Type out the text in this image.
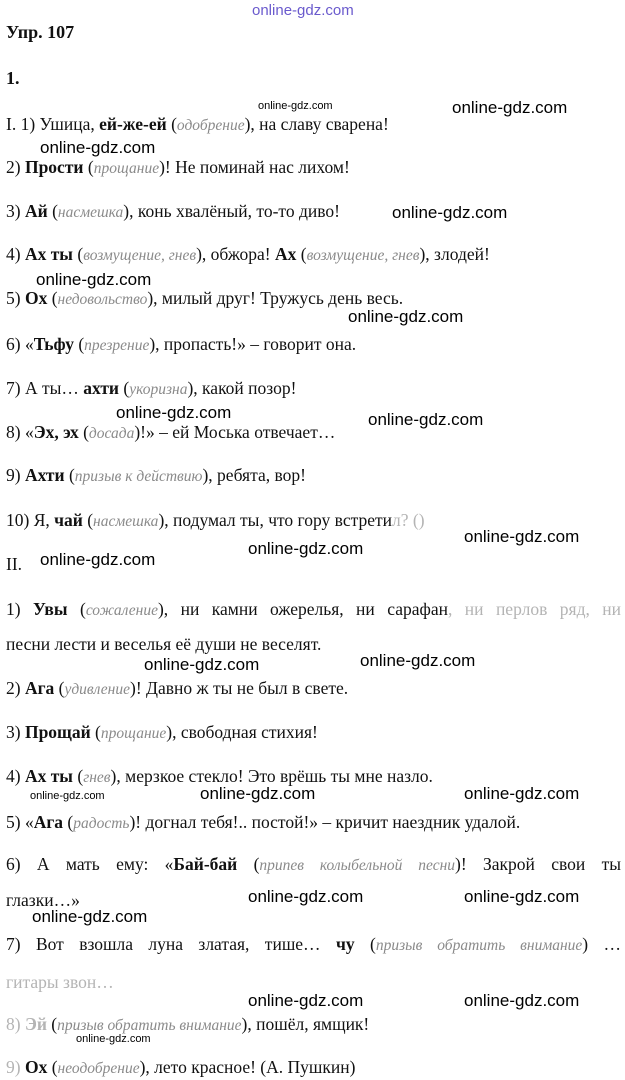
online-gdz.com
Упр. 107
1.
I. 1) Ушица, ей-же-ей (одобрение), на славу сварена!
2) Прости (прощание)! Не поминай нас лихом!
3) Ай (насмешка), конь хвалёный, то-то диво!
4) Ах ты (возмущение, гнев), обжора! Ах (возмущение, гнев), злодей!
5) Ох (недовольство), милый друг! Тружусь день весь.
6) «Тьфу (презрение), пропасть!» – говорит она.
7) А ты… ахти (укоризна), какой позор!
8) «Эх, эх (досада)!» – ей Моська отвечает…
9) Ахти (призыв к действию), ребята, вор!
10) Я, чай (насмешка), подумал ты, что гору встретил? ()
II.
1) Увы (сожаление), ни камни ожерелья, ни сарафан, ни перлов ряд, ни
песни лести и веселья её души не веселят.
2) Ага (удивление)! Давно ж ты не был в свете.
3) Прощай (прощание), свободная стихия!
4) Ах ты (гнев), мерзкое стекло! Это врёшь ты мне назло.
5) «Ага (радость)! догнал тебя!.. постой!» – кричит наездник удалой.
6) А мать ему: «Бай-бай (припев колыбельной песни)! Закрой свои ты
глазки…»
7) Вот взошла луна златая, тише… чу (призыв обратить внимание) …
гитары звон…
8) Эй (призыв обратить внимание), пошёл, ямщик!
9) Ох (неодобрение), лето красное! (А. Пушкин)
online-gdz.com	online-gdz.com
online-gdz.com
online-gdz.com
online-gdz.com
online-gdz.com
online-gdz.com	online-gdz.com
online-gdz.com
online-gdz.com
online-gdz.com
online-gdz.com	online-gdz.com
online-gdz.com	online-gdz.com	online-gdz.com
online-gdz.com	online-gdz.com
online-gdz.com
online-gdz.com	online-gdz.com
online-gdz.com
